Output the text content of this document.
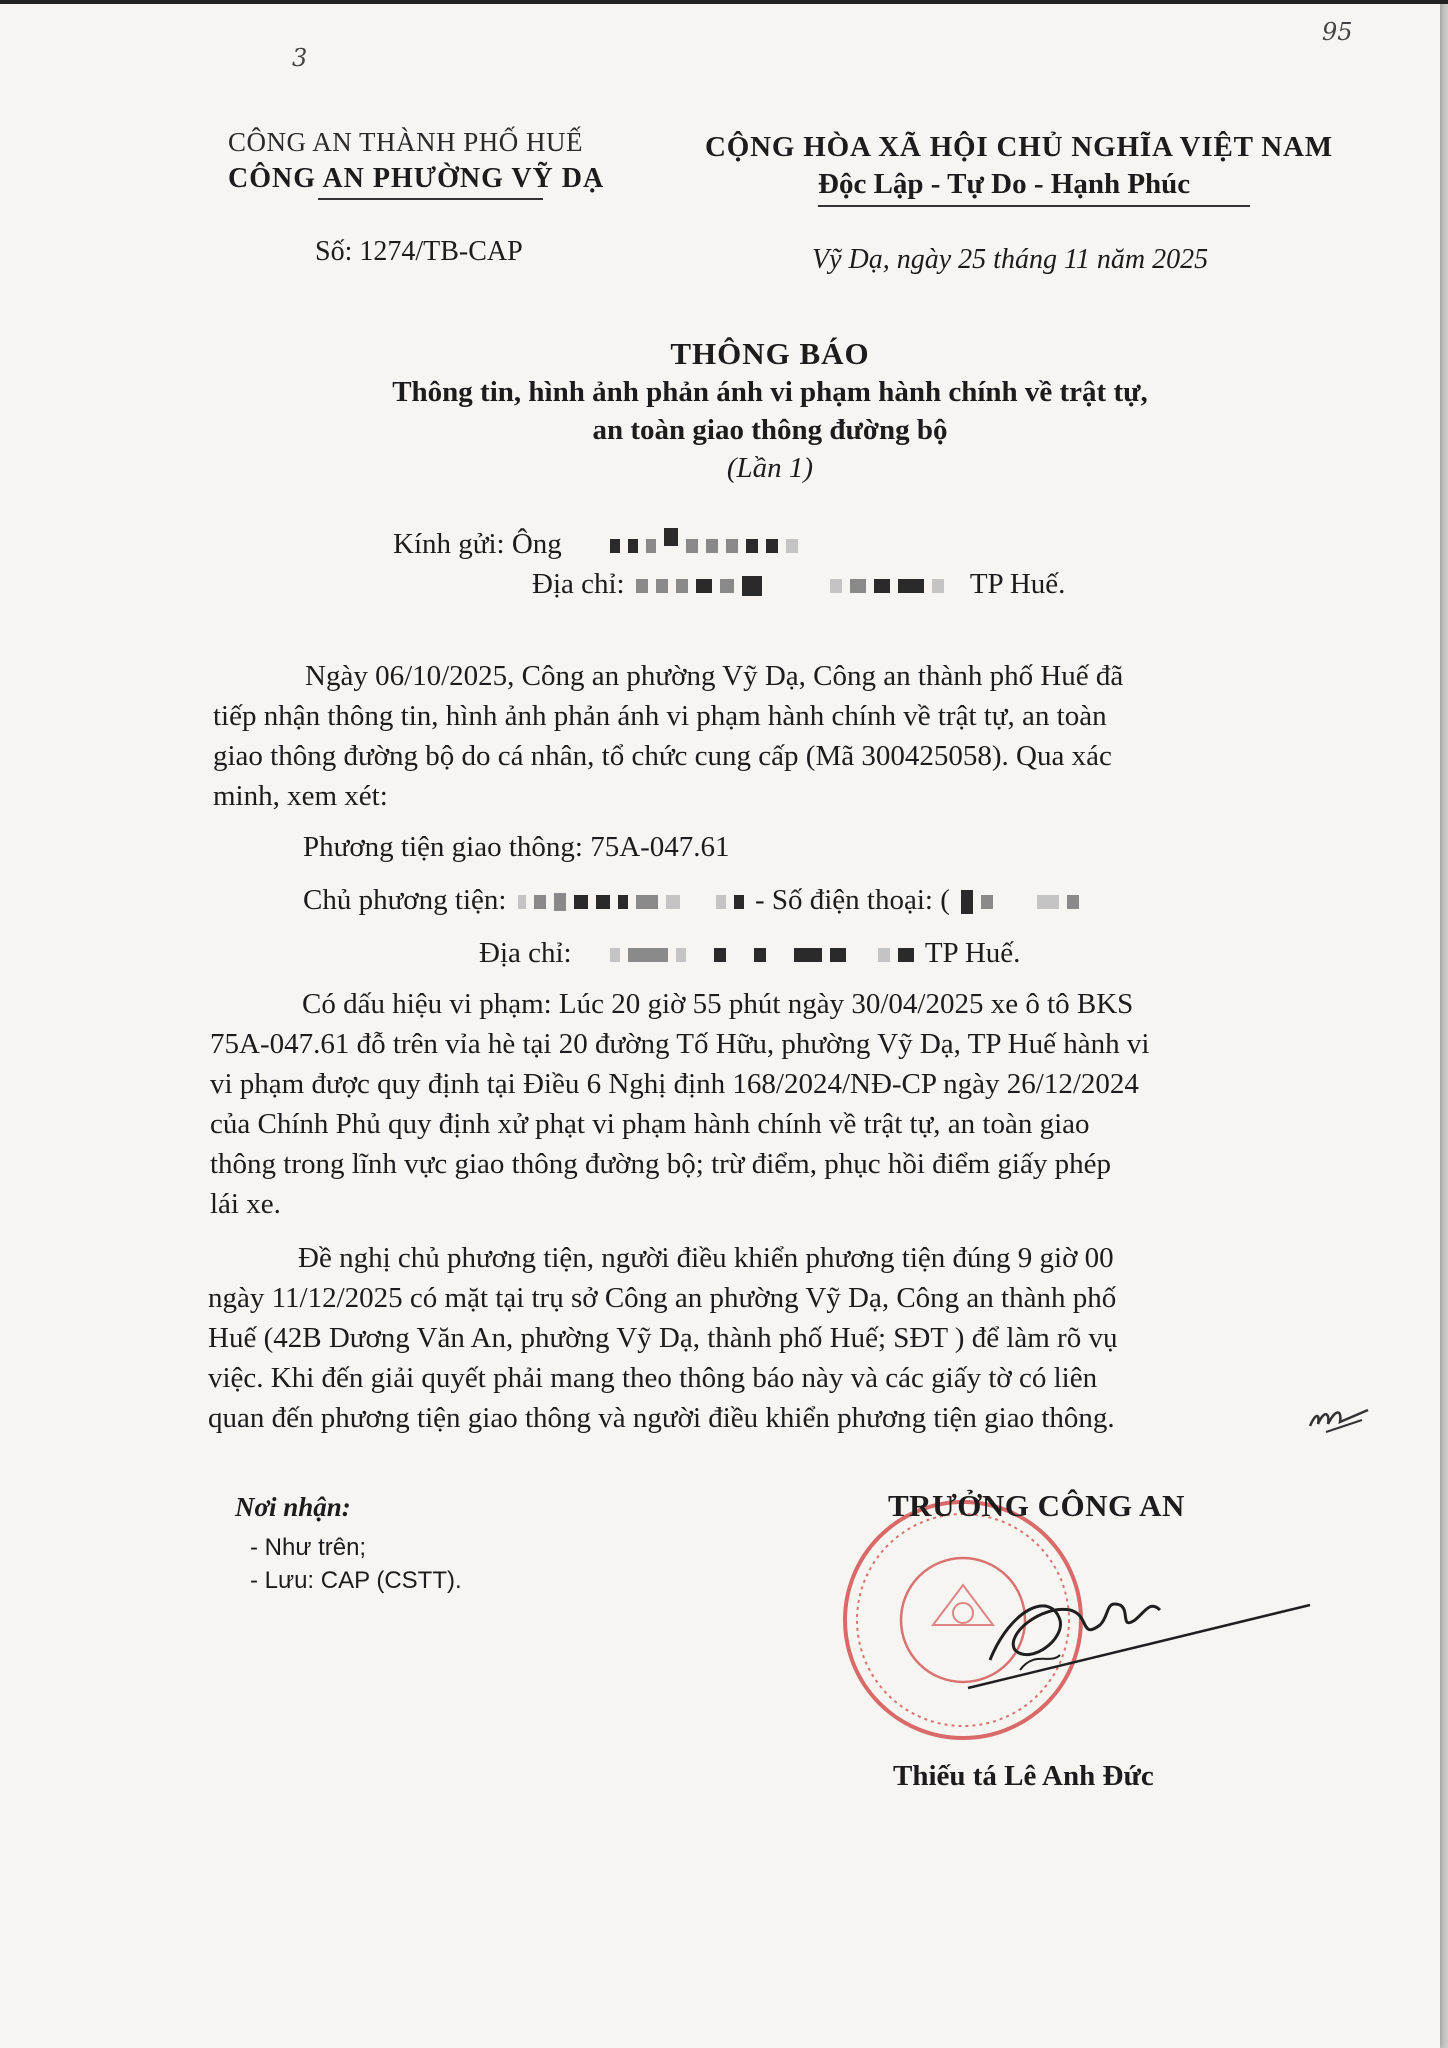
3
95
CÔNG AN THÀNH PHỐ HUẾ
CÔNG AN PHƯỜNG VỸ DẠ
Số: 1274/TB-CAP
CỘNG HÒA XÃ HỘI CHỦ NGHĨA VIỆT NAM
Độc Lập - Tự Do - Hạnh Phúc
Vỹ Dạ, ngày 25 tháng 11 năm 2025
THÔNG BÁO
Thông tin, hình ảnh phản ánh vi phạm hành chính về trật tự,
an toàn giao thông đường bộ
(Lần 1)
Kính gửi: Ông
Địa chỉ:	TP Huế.
Ngày 06/10/2025, Công an phường Vỹ Dạ, Công an thành phố Huế đã
tiếp nhận thông tin, hình ảnh phản ánh vi phạm hành chính về trật tự, an toàn
giao thông đường bộ do cá nhân, tổ chức cung cấp (Mã 300425058). Qua xác
minh, xem xét:
Phương tiện giao thông: 75A-047.61
Chủ phương tiện:	- Số điện thoại: (
Địa chỉ:	TP Huế.
Có dấu hiệu vi phạm: Lúc 20 giờ 55 phút ngày 30/04/2025 xe ô tô BKS
75A-047.61 đỗ trên vỉa hè tại 20 đường Tố Hữu, phường Vỹ Dạ, TP Huế hành vi
vi phạm được quy định tại Điều 6 Nghị định 168/2024/NĐ-CP ngày 26/12/2024
của Chính Phủ quy định xử phạt vi phạm hành chính về trật tự, an toàn giao
thông trong lĩnh vực giao thông đường bộ; trừ điểm, phục hồi điểm giấy phép
lái xe.
Đề nghị chủ phương tiện, người điều khiển phương tiện đúng 9 giờ 00
ngày 11/12/2025 có mặt tại trụ sở Công an phường Vỹ Dạ, Công an thành phố
Huế (42B Dương Văn An, phường Vỹ Dạ, thành phố Huế; SĐT ) để làm rõ vụ
việc. Khi đến giải quyết phải mang theo thông báo này và các giấy tờ có liên
quan đến phương tiện giao thông và người điều khiển phương tiện giao thông.
Nơi nhận:
- Như trên;
- Lưu: CAP (CSTT).
TRƯỞNG CÔNG AN
Thiếu tá Lê Anh Đức
